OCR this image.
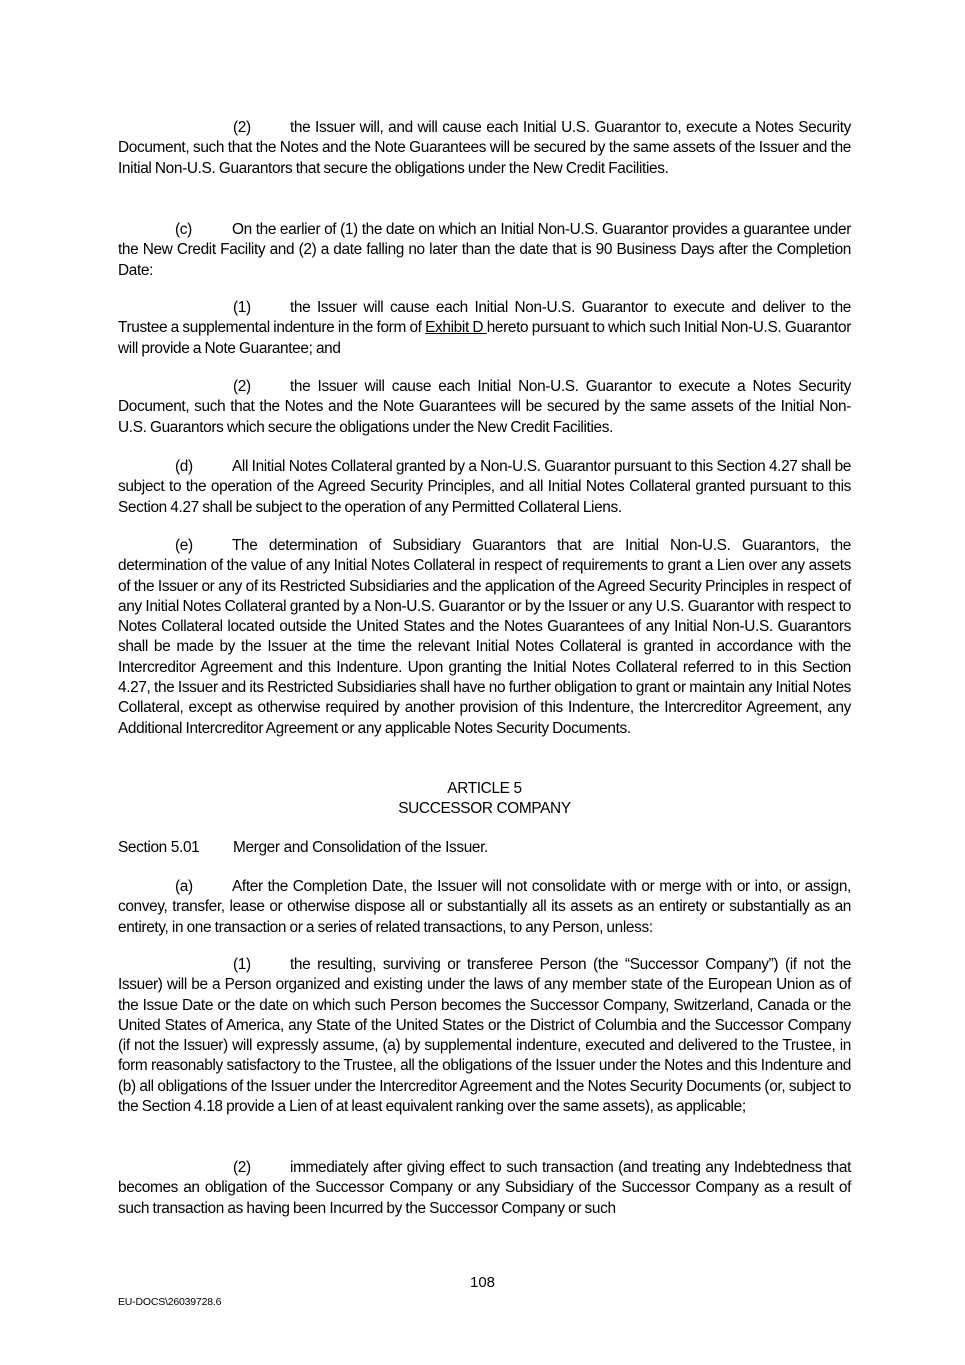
(2)	the Issuer will, and will cause each Initial U.S. Guarantor to, execute a Notes Security Document, such that the Notes and the Note Guarantees will be secured by the same assets of the Issuer and the Initial Non-U.S. Guarantors that secure the obligations under the New Credit Facilities.

(c)	On the earlier of (1) the date on which an Initial Non-U.S. Guarantor provides a guarantee under the New Credit Facility and (2) a date falling no later than the date that is 90 Business Days after the Completion Date:

(1)	the Issuer will cause each Initial Non-U.S. Guarantor to execute and deliver to the Trustee a supplemental indenture in the form of Exhibit D hereto pursuant to which such Initial Non-U.S. Guarantor will provide a Note Guarantee; and

(2)	the Issuer will cause each Initial Non-U.S. Guarantor to execute a Notes Security Document, such that the Notes and the Note Guarantees will be secured by the same assets of the Initial Non-U.S. Guarantors which secure the obligations under the New Credit Facilities.

(d)	All Initial Notes Collateral granted by a Non-U.S. Guarantor pursuant to this Section 4.27 shall be subject to the operation of the Agreed Security Principles, and all Initial Notes Collateral granted pursuant to this Section 4.27 shall be subject to the operation of any Permitted Collateral Liens.

(e)	The determination of Subsidiary Guarantors that are Initial Non-U.S. Guarantors, the determination of the value of any Initial Notes Collateral in respect of requirements to grant a Lien over any assets of the Issuer or any of its Restricted Subsidiaries and the application of the Agreed Security Principles in respect of any Initial Notes Collateral granted by a Non-U.S. Guarantor or by the Issuer or any U.S. Guarantor with respect to Notes Collateral located outside the United States and the Notes Guarantees of any Initial Non-U.S. Guarantors shall be made by the Issuer at the time the relevant Initial Notes Collateral is granted in accordance with the Intercreditor Agreement and this Indenture. Upon granting the Initial Notes Collateral referred to in this Section 4.27, the Issuer and its Restricted Subsidiaries shall have no further obligation to grant or maintain any Initial Notes Collateral, except as otherwise required by another provision of this Indenture, the Intercreditor Agreement, any Additional Intercreditor Agreement or any applicable Notes Security Documents.

ARTICLE 5
SUCCESSOR COMPANY
Section 5.01 Merger and Consolidation of the Issuer.

(a)	After the Completion Date, the Issuer will not consolidate with or merge with or into, or assign, convey, transfer, lease or otherwise dispose all or substantially all its assets as an entirety or substantially as an entirety, in one transaction or a series of related transactions, to any Person, unless:

(1)	the resulting, surviving or transferee Person (the “Successor Company”) (if not the Issuer) will be a Person organized and existing under the laws of any member state of the European Union as of the Issue Date or the date on which such Person becomes the Successor Company, Switzerland, Canada or the United States of America, any State of the United States or the District of Columbia and the Successor Company (if not the Issuer) will expressly assume, (a) by supplemental indenture, executed and delivered to the Trustee, in form reasonably satisfactory to the Trustee, all the obligations of the Issuer under the Notes and this Indenture and (b) all obligations of the Issuer under the Intercreditor Agreement and the Notes Security Documents (or, subject to the Section 4.18 provide a Lien of at least equivalent ranking over the same assets), as applicable;

(2)	immediately after giving effect to such transaction (and treating any Indebtedness that becomes an obligation of the Successor Company or any Subsidiary of the Successor Company as a result of such transaction as having been Incurred by the Successor Company or such

108
EU-DOCS\26039728.6
